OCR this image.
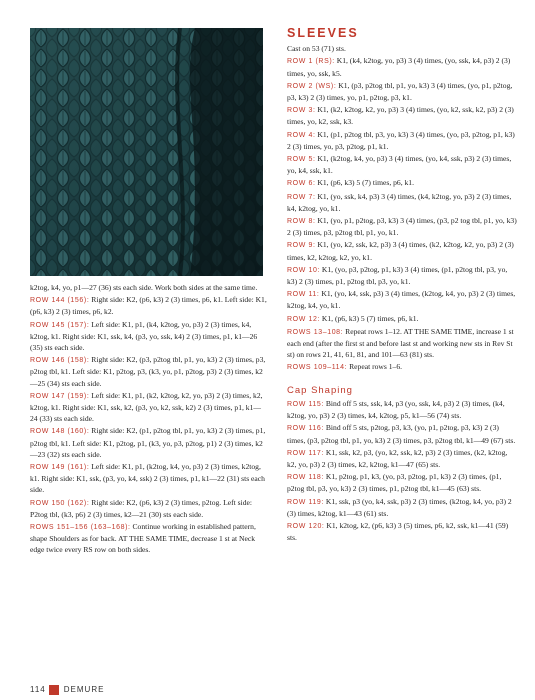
k2tog, k4, yo, p1—27 (36) sts each side. Work both sides at the same time.
ROW 144 (156): Right side: K2, (p6, k3) 2 (3) times, p6, k1. Left side: K1, (p6, k3) 2 (3) times, p6, k2.
ROW 145 (157): Left side: K1, p1, (k4, k2tog, yo, p3) 2 (3) times, k4, k2tog, k1. Right side: K1, ssk, k4, (p3, yo, ssk, k4) 2 (3) times, p1, k1—26 (35) sts each side.
ROW 146 (158): Right side: K2, (p3, p2tog tbl, p1, yo, k3) 2 (3) times, p3, p2tog tbl, k1. Left side: K1, p2tog, p3, (k3, yo, p1, p2tog, p3) 2 (3) times, k2—25 (34) sts each side.
ROW 147 (159): Left side: K1, p1, (k2, k2tog, k2, yo, p3) 2 (3) times, k2, k2tog, k1. Right side: K1, ssk, k2, (p3, yo, k2, ssk, k2) 2 (3) times, p1, k1—24 (33) sts each side.
ROW 148 (160): Right side: K2, (p1, p2tog tbl, p1, yo, k3) 2 (3) times, p1, p2tog tbl, k1. Left side: K1, p2tog, p1, (k3, yo, p3, p2tog, p1) 2 (3) times, k2—23 (32) sts each side.
ROW 149 (161): Left side: K1, p1, (k2tog, k4, yo, p3) 2 (3) times, k2tog, k1. Right side: K1, ssk, (p3, yo, k4, ssk) 2 (3) times, p1, k1—22 (31) sts each side.
ROW 150 (162): Right side: K2, (p6, k3) 2 (3) times, p2tog. Left side: P2tog tbl, (k3, p6) 2 (3) times, k2—21 (30) sts each side.
ROWS 151–156 (163–168): Continue working in established pattern, shape Shoulders as for back. AT THE SAME TIME, decrease 1 st at Neck edge twice every RS row on both sides.
SLEEVES
Cast on 53 (71) sts.
ROW 1 (RS): K1, (k4, k2tog, yo, p3) 3 (4) times, (yo, ssk, k4, p3) 2 (3) times, yo, ssk, k5.
ROW 2 (WS): K1, (p3, p2tog tbl, p1, yo, k3) 3 (4) times, (yo, p1, p2tog, p3, k3) 2 (3) times, yo, p1, p2tog, p3, k1.
ROW 3: K1, (k2, k2tog, k2, yo, p3) 3 (4) times, (yo, k2, ssk, k2, p3) 2 (3) times, yo, k2, ssk, k3.
ROW 4: K1, (p1, p2tog tbl, p3, yo, k3) 3 (4) times, (yo, p3, p2tog, p1, k3) 2 (3) times, yo, p3, p2tog, p1, k1.
ROW 5: K1, (k2tog, k4, yo, p3) 3 (4) times, (yo, k4, ssk, p3) 2 (3) times, yo, k4, ssk, k1.
ROW 6: K1, (p6, k3) 5 (7) times, p6, k1.
ROW 7: K1, (yo, ssk, k4, p3) 3 (4) times, (k4, k2tog, yo, p3) 2 (3) times, k4, k2tog, yo, k1.
ROW 8: K1, (yo, p1, p2tog, p3, k3) 3 (4) times, (p3, p2 tog tbl, p1, yo, k3) 2 (3) times, p3, p2tog tbl, p1, yo, k1.
ROW 9: K1, (yo, k2, ssk, k2, p3) 3 (4) times, (k2, k2tog, k2, yo, p3) 2 (3) times, k2, k2tog, k2, yo, k1.
ROW 10: K1, (yo, p3, p2tog, p1, k3) 3 (4) times, (p1, p2tog tbl, p3, yo, k3) 2 (3) times, p1, p2tog tbl, p3, yo, k1.
ROW 11: K1, (yo, k4, ssk, p3) 3 (4) times, (k2tog, k4, yo, p3) 2 (3) times, k2tog, k4, yo, k1.
ROW 12: K1, (p6, k3) 5 (7) times, p6, k1.
ROWS 13–108: Repeat rows 1–12. AT THE SAME TIME, increase 1 st each end (after the first st and before last st and working new sts in Rev St st) on rows 21, 41, 61, 81, and 101—63 (81) sts.
ROWS 109–114: Repeat rows 1–6.
Cap Shaping
ROW 115: Bind off 5 sts, ssk, k4, p3 (yo, ssk, k4, p3) 2 (3) times, (k4, k2tog, yo, p3) 2 (3) times, k4, k2tog, p5, k1—56 (74) sts.
ROW 116: Bind off 5 sts, p2tog, p3, k3, (yo, p1, p2tog, p3, k3) 2 (3) times, (p3, p2tog tbl, p1, yo, k3) 2 (3) times, p3, p2tog tbl, k1—49 (67) sts.
ROW 117: K1, ssk, k2, p3, (yo, k2, ssk, k2, p3) 2 (3) times, (k2, k2tog, k2, yo, p3) 2 (3) times, k2, k2tog, k1—47 (65) sts.
ROW 118: K1, p2tog, p1, k3, (yo, p3, p2tog, p1, k3) 2 (3) times, (p1, p2tog tbl, p3, yo, k3) 2 (3) times, p1, p2tog tbl, k1—45 (63) sts.
ROW 119: K1, ssk, p3 (yo, k4, ssk, p3) 2 (3) times, (k2tog, k4, yo, p3) 2 (3) times, k2tog, k1—43 (61) sts.
ROW 120: K1, k2tog, k2, (p6, k3) 3 (5) times, p6, k2, ssk, k1—41 (59) sts.
114 DEMURE
